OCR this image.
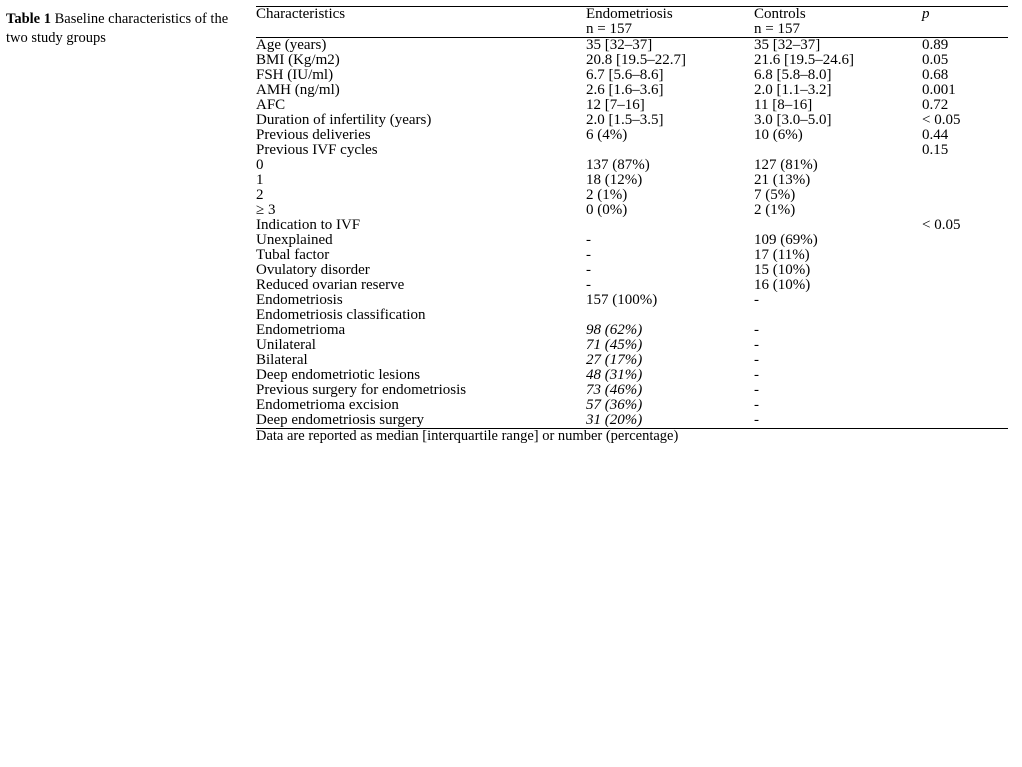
Table 1 Baseline characteristics of the two study groups
Characteristics	Endometriosis	Controls	p
	n = 157	n = 157	
Age (years)	35 [32–37]	35 [32–37]	0.89
BMI (Kg/m2)	20.8 [19.5–22.7]	21.6 [19.5–24.6]	0.05
FSH (IU/ml)	6.7 [5.6–8.6]	6.8 [5.8–8.0]	0.68
AMH (ng/ml)	2.6 [1.6–3.6]	2.0 [1.1–3.2]	0.001
AFC	12 [7–16]	11 [8–16]	0.72
Duration of infertility (years)	2.0 [1.5–3.5]	3.0 [3.0–5.0]	< 0.05
Previous deliveries	6 (4%)	10 (6%)	0.44
Previous IVF cycles			0.15
0	137 (87%)	127 (81%)	
1	18 (12%)	21 (13%)	
2	2 (1%)	7 (5%)	
≥ 3	0 (0%)	2 (1%)	
Indication to IVF			< 0.05
Unexplained	-	109 (69%)	
Tubal factor	-	17 (11%)	
Ovulatory disorder	-	15 (10%)	
Reduced ovarian reserve	-	16 (10%)	
Endometriosis	157 (100%)	-	
Endometriosis classification			
Endometrioma	98 (62%)	-	
Unilateral	71 (45%)	-	
Bilateral	27 (17%)	-	
Deep endometriotic lesions	48 (31%)	-	
Previous surgery for endometriosis	73 (46%)	-	
Endometrioma excision	57 (36%)	-	
Deep endometriosis surgery	31 (20%)	-	
Data are reported as median [interquartile range] or number (percentage)			
